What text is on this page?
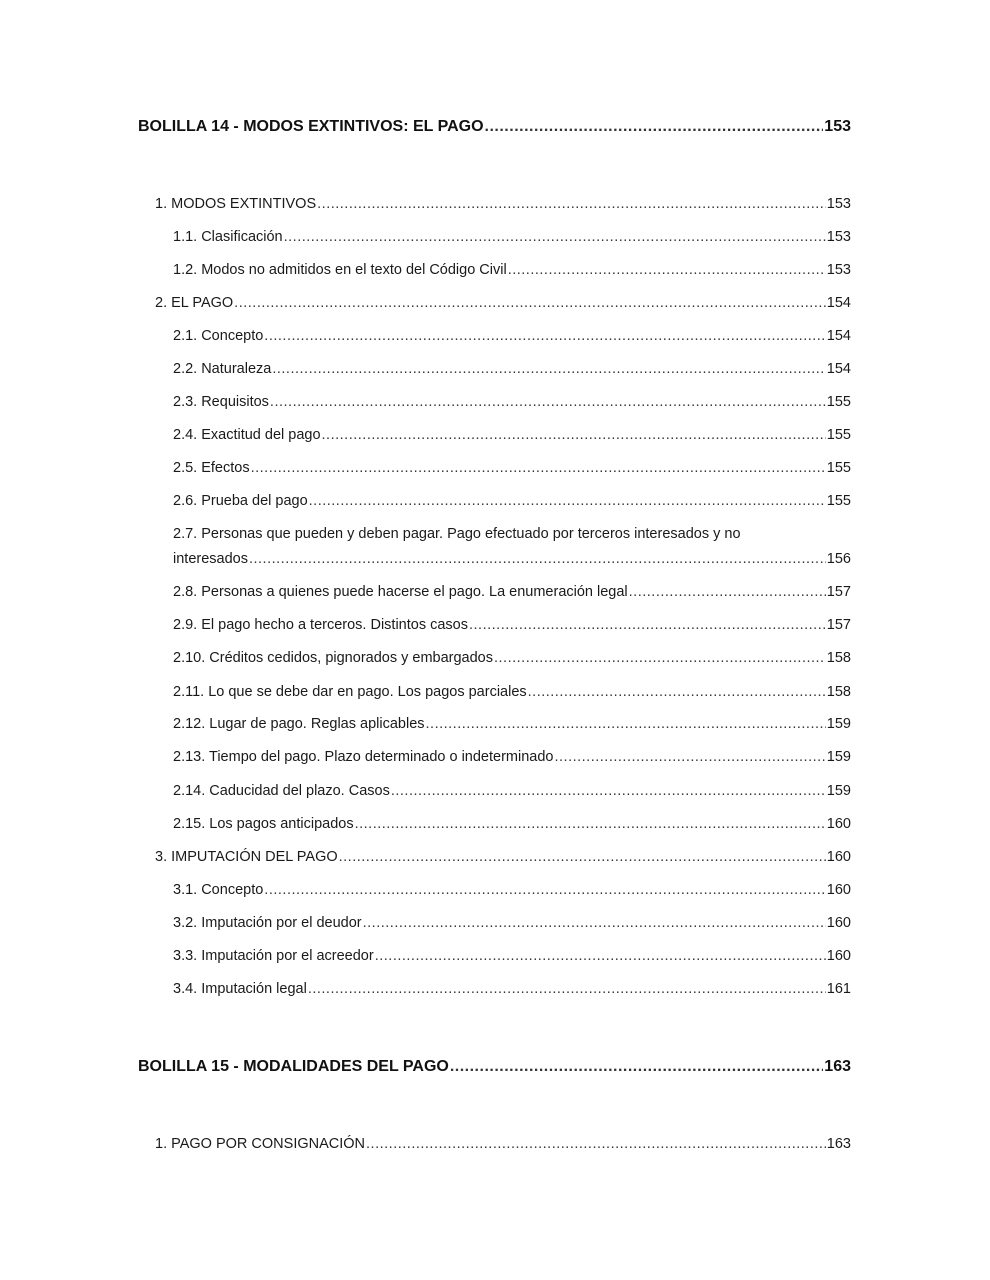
BOLILLA 14 - MODOS EXTINTIVOS: EL PAGO .....	153
1. MODOS EXTINTIVOS .....	153
1.1. Clasificación .....	153
1.2. Modos no admitidos en el texto del Código Civil .....	153
2. EL PAGO .....	154
2.1. Concepto .....	154
2.2. Naturaleza .....	154
2.3. Requisitos .....	155
2.4. Exactitud del pago .....	155
2.5. Efectos .....	155
2.6. Prueba del pago .....	155
2.7. Personas que pueden y deben pagar. Pago efectuado por terceros interesados y no
interesados .....	156
2.8. Personas a quienes puede hacerse el pago. La enumeración legal .....	157
2.9. El pago hecho a terceros. Distintos casos .....	157
2.10. Créditos cedidos, pignorados y embargados .....	158
2.11. Lo que se debe dar en pago. Los pagos parciales .....	158
2.12. Lugar de pago. Reglas aplicables .....	159
2.13. Tiempo del pago. Plazo determinado o indeterminado .....	159
2.14. Caducidad del plazo. Casos .....	159
2.15. Los pagos anticipados .....	160
3. IMPUTACIÓN DEL PAGO .....	160
3.1. Concepto .....	160
3.2. Imputación por el deudor .....	160
3.3. Imputación por el acreedor .....	160
3.4. Imputación legal .....	161
BOLILLA 15 - MODALIDADES DEL PAGO .....	163
1. PAGO POR CONSIGNACIÓN .....	163
